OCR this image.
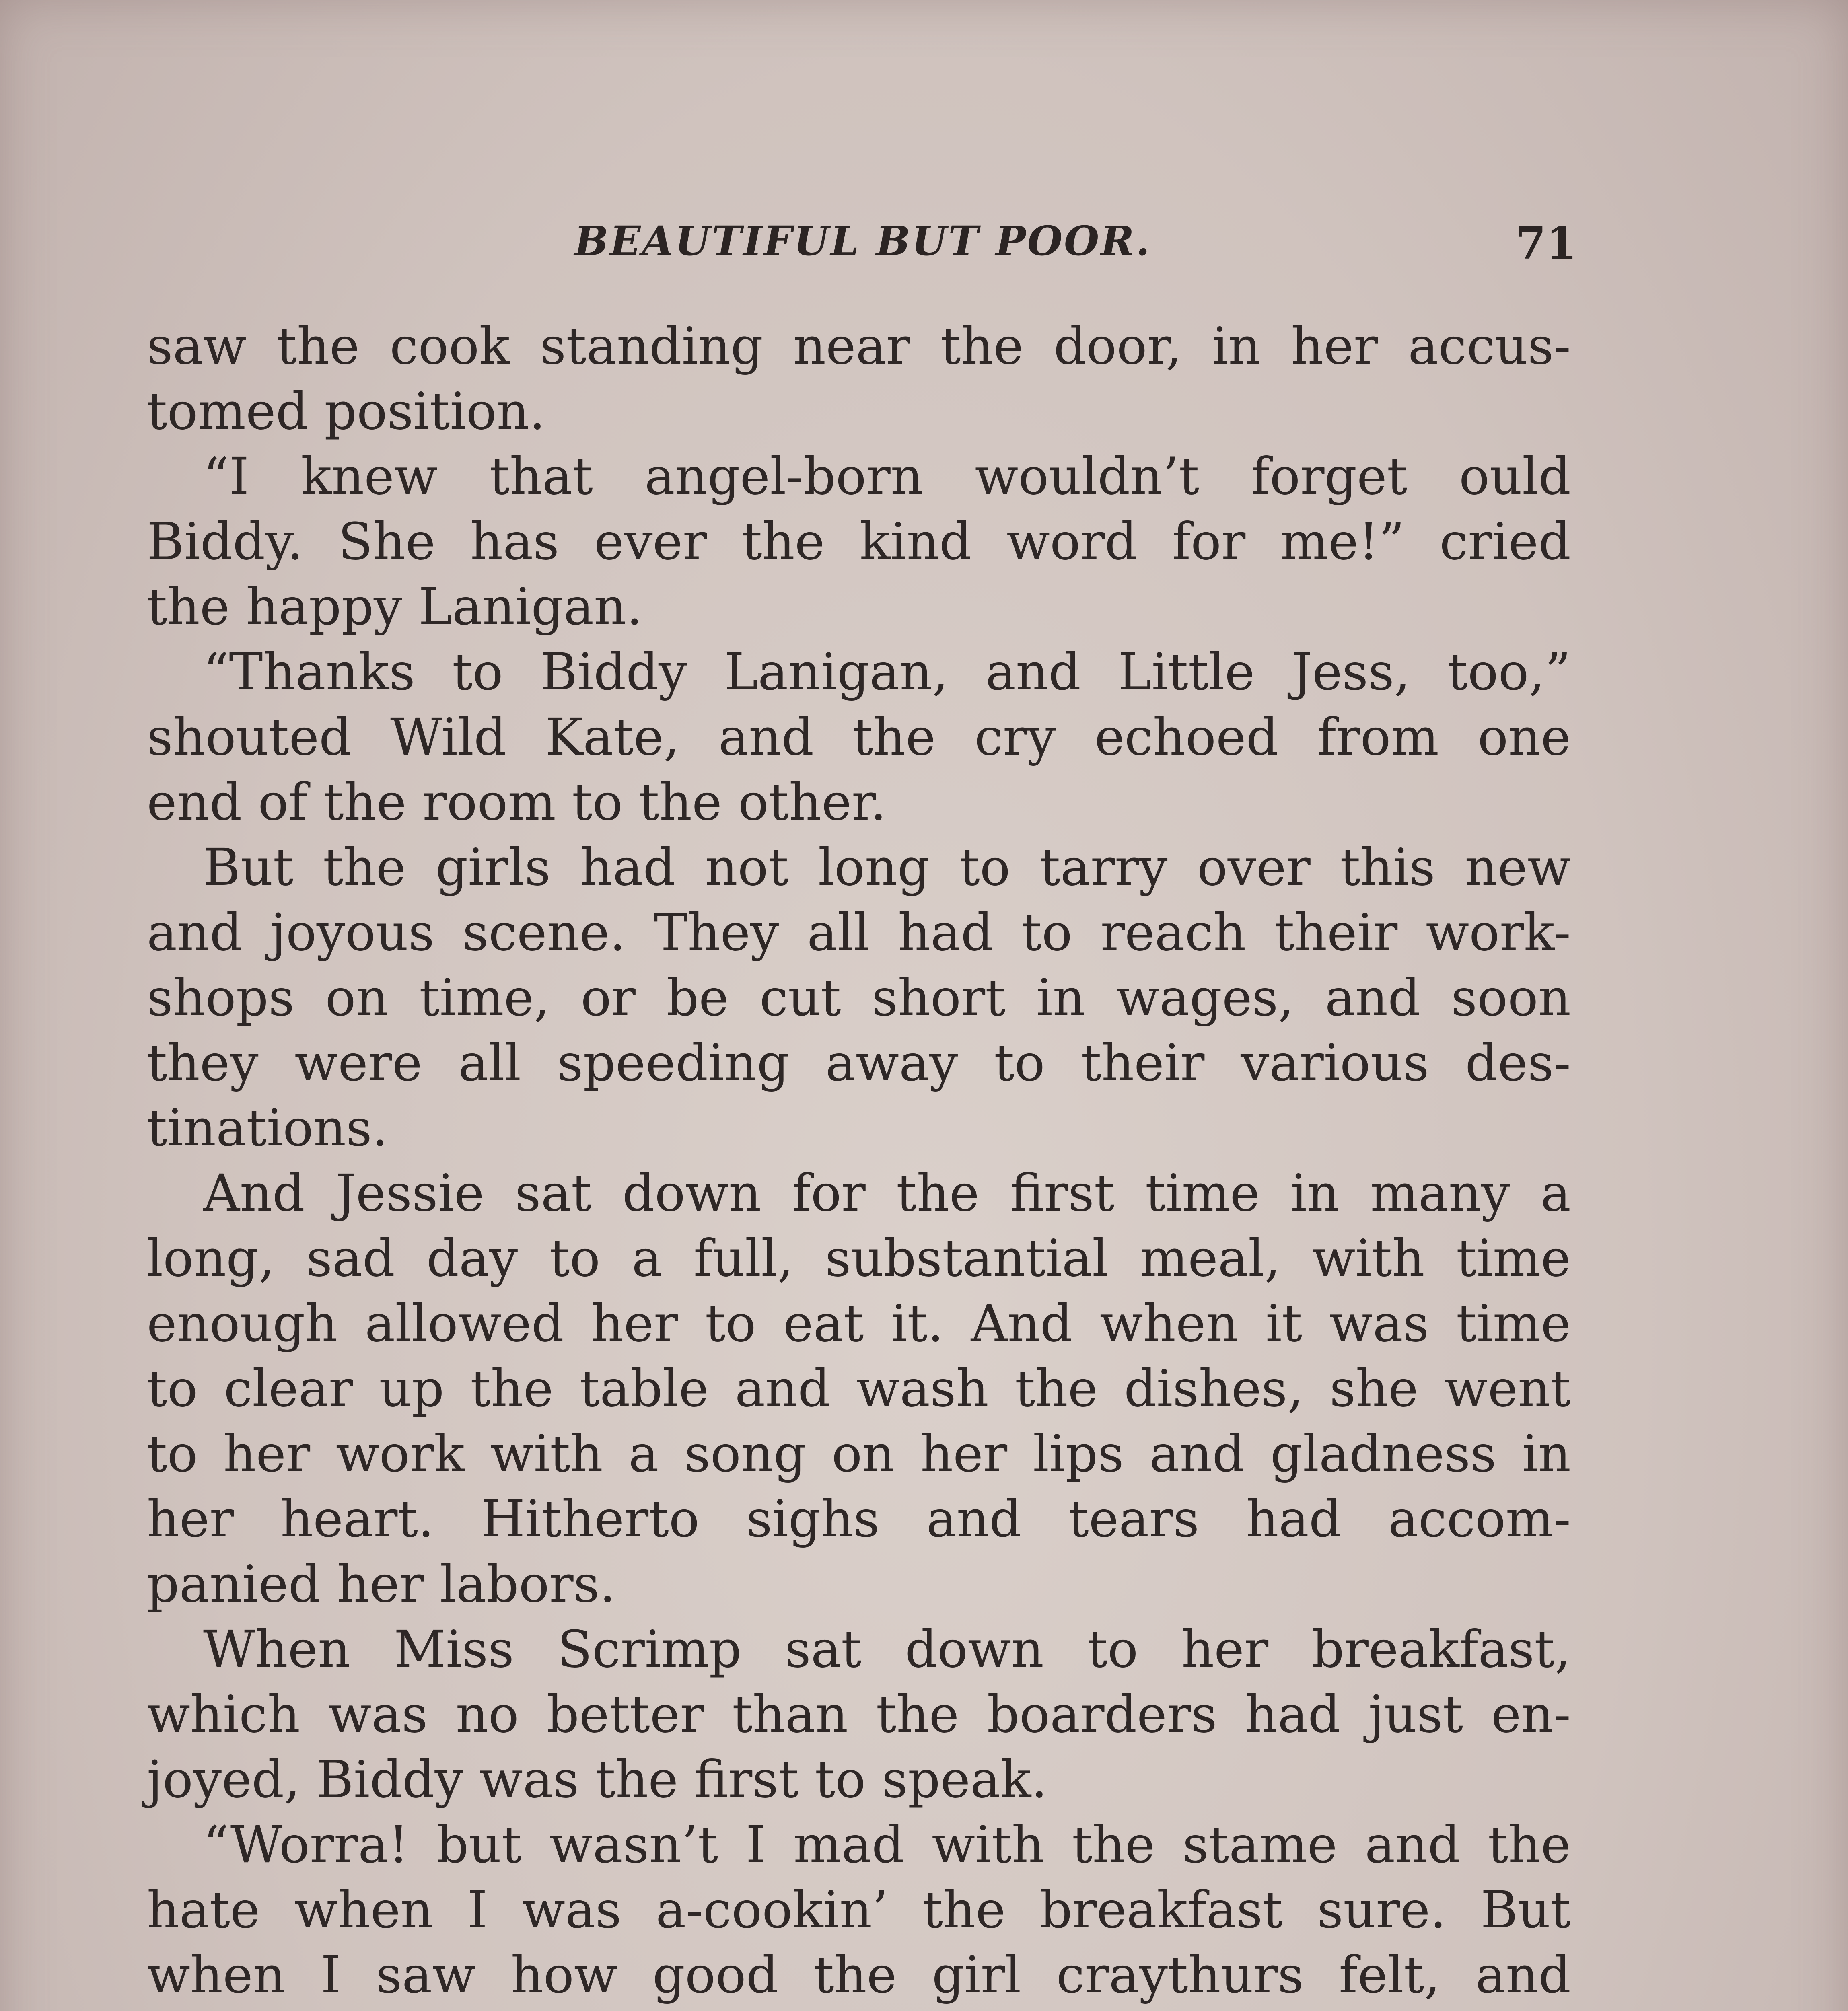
BEAUTIFUL BUT POOR.	71

saw the cook standing near the door, in her accus-
tomed position.

“I knew that angel-born wouldn’t forget ould
Biddy. She has ever the kind word for me!” cried
the happy Lanigan.

“Thanks to Biddy Lanigan, and Little Jess, too,”
shouted Wild Kate, and the cry echoed from one
end of the room to the other.

But the girls had not long to tarry over this new
and joyous scene. They all had to reach their work-
shops on time, or be cut short in wages, and soon
they were all speeding away to their various des-
tinations.

And Jessie sat down for the first time in many a
long, sad day to a full, substantial meal, with time
enough allowed her to eat it. And when it was time
to clear up the table and wash the dishes, she went
to her work with a song on her lips and gladness in
her heart. Hitherto sighs and tears had accom-
panied her labors.

When Miss Scrimp sat down to her breakfast,
which was no better than the boarders had just en-
joyed, Biddy was the first to speak.

“Worra! but wasn’t I mad with the stame and the
hate when I was a-cookin’ the breakfast sure. But
when I saw how good the girl craythurs felt, and
